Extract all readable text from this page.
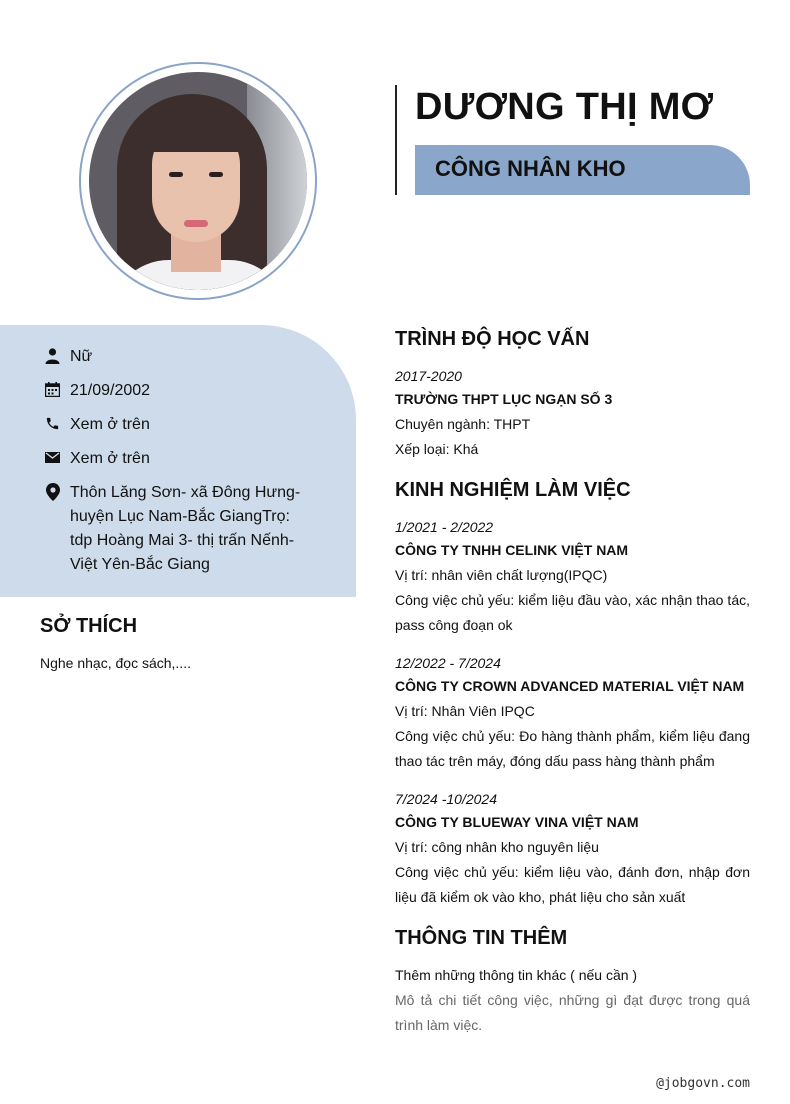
DƯƠNG THỊ MƠ
CÔNG NHÂN KHO
Nữ
21/09/2002
Xem ở trên
Xem ở trên
Thôn Lăng Sơn- xã Đông Hưng-huyện Lục Nam-Bắc GiangTrọ: tdp Hoàng Mai 3- thị trấn Nếnh-Việt Yên-Bắc Giang
SỞ THÍCH
Nghe nhạc, đọc sách,....
TRÌNH ĐỘ HỌC VẤN
2017-2020
TRƯỜNG THPT LỤC NGẠN SỐ 3
Chuyên ngành: THPT
Xếp loại: Khá
KINH NGHIỆM LÀM VIỆC
1/2021 - 2/2022
CÔNG TY TNHH CELINK VIỆT NAM
Vị trí: nhân viên chất lượng(IPQC)
Công việc chủ yếu: kiểm liệu đầu vào, xác nhận thao tác, pass công đoạn ok
12/2022 - 7/2024
CÔNG TY CROWN ADVANCED MATERIAL VIỆT NAM
Vị trí: Nhân Viên IPQC
Công việc chủ yếu: Đo hàng thành phẩm, kiểm liệu đang thao tác trên máy, đóng dấu pass hàng thành phẩm
7/2024 -10/2024
CÔNG TY BLUEWAY VINA VIỆT NAM
Vị trí: công nhân kho nguyên liệu
Công việc chủ yếu: kiểm liệu vào, đánh đơn, nhập đơn liệu đã kiểm ok vào kho, phát liệu cho sản xuất
THÔNG TIN THÊM
Thêm những thông tin khác ( nếu cần )
Mô tả chi tiết công việc, những gì đạt được trong quá trình làm việc.
@jobgovn.com
